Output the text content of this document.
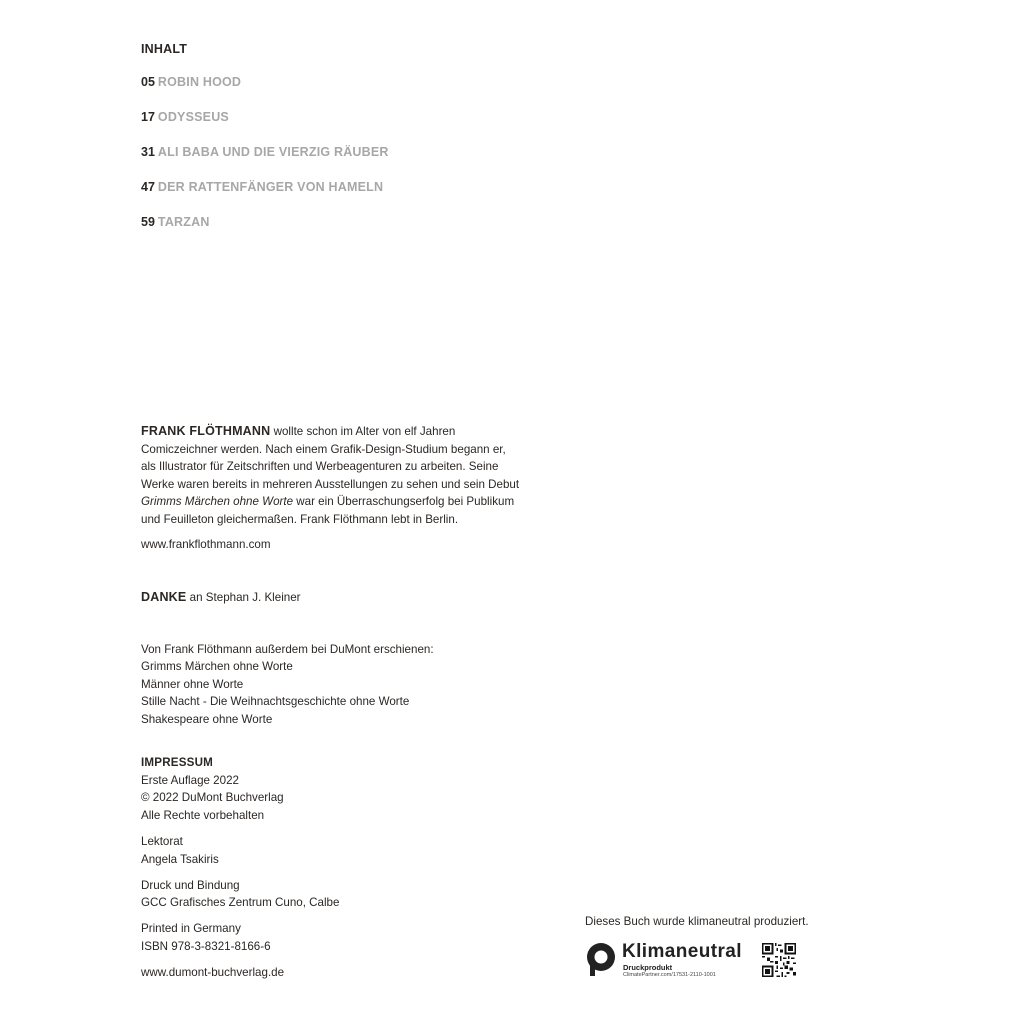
INHALT
05 ROBIN HOOD
17 ODYSSEUS
31 ALI BABA UND DIE VIERZIG RÄUBER
47 DER RATTENFÄNGER VON HAMELN
59 TARZAN
FRANK FLÖTHMANN wollte schon im Alter von elf Jahren Comiczeichner werden. Nach einem Grafik-Design-Studium begann er, als Illustrator für Zeitschriften und Werbeagenturen zu arbeiten. Seine Werke waren bereits in mehreren Ausstellungen zu sehen und sein Debut Grimms Märchen ohne Worte war ein Überraschungserfolg bei Publikum und Feuilleton gleichermaßen. Frank Flöthmann lebt in Berlin.
www.frankflothmann.com
DANKE an Stephan J. Kleiner
Von Frank Flöthmann außerdem bei DuMont erschienen:
Grimms Märchen ohne Worte
Männer ohne Worte
Stille Nacht - Die Weihnachtsgeschichte ohne Worte
Shakespeare ohne Worte
IMPRESSUM
Erste Auflage 2022
© 2022 DuMont Buchverlag
Alle Rechte vorbehalten
Lektorat
Angela Tsakiris
Druck und Bindung
GCC Grafisches Zentrum Cuno, Calbe
Printed in Germany
ISBN 978-3-8321-8166-6
www.dumont-buchverlag.de
Dieses Buch wurde klimaneutral produziert.
Klimaneutral
Druckprodukt
ClimatePartner.com/17531-2110-1001
